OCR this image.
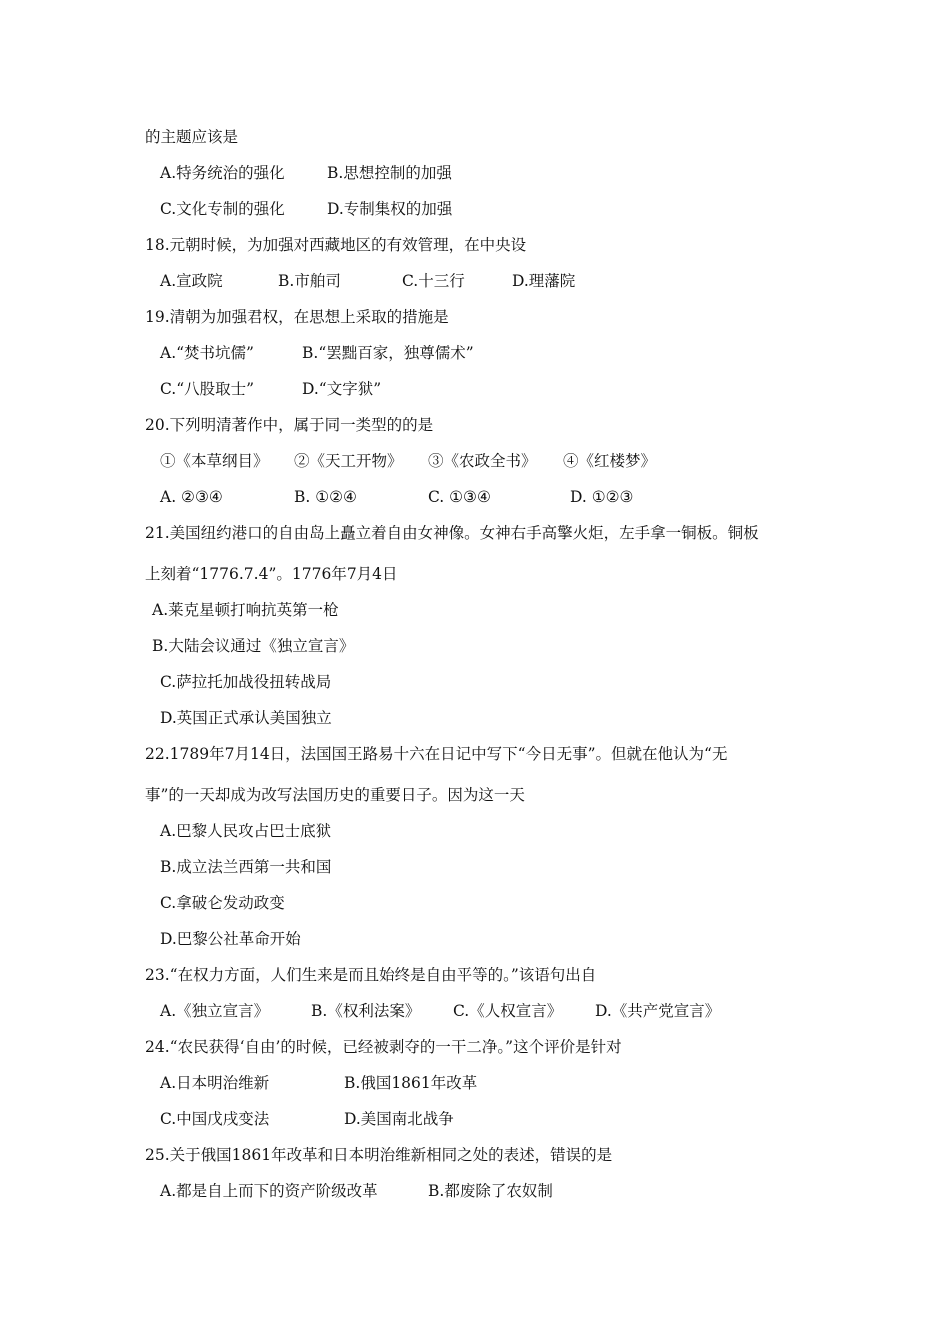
的主题应该是
A.特务统治的强化	B.思想控制的加强
C.文化专制的强化	D.专制集权的加强
18.元朝时候，为加强对西藏地区的有效管理，在中央设
A.宣政院	B.市舶司	C.十三行	D.理藩院
19.清朝为加强君权，在思想上采取的措施是
A.“焚书坑儒”	B.“罢黜百家，独尊儒术”
C.“八股取士”	D.“文字狱”
20.下列明清著作中，属于同一类型的的是
①《本草纲目》 ②《天工开物》 ③《农政全书》 ④《红楼梦》
A. ②③④	B. ①②④	C. ①③④	D. ①②③
21.美国纽约港口的自由岛上矗立着自由女神像。女神右手高擎火炬，左手拿一铜板。铜板
上刻着“1776.7.4”。1776年7月4日
A.莱克星顿打响抗英第一枪
B.大陆会议通过《独立宣言》
C.萨拉托加战役扭转战局
D.英国正式承认美国独立
22.1789年7月14日，法国国王路易十六在日记中写下“今日无事”。但就在他认为“无
事”的一天却成为改写法国历史的重要日子。因为这一天
A.巴黎人民攻占巴士底狱
B.成立法兰西第一共和国
C.拿破仑发动政变
D.巴黎公社革命开始
23.“在权力方面，人们生来是而且始终是自由平等的。”该语句出自
A.《独立宣言》	B.《权利法案》 C.《人权宣言》 D.《共产党宣言》
24.“农民获得‘自由’的时候，已经被剥夺的一干二净。”这个评价是针对
A.日本明治维新	B.俄国1861年改革
C.中国戊戌变法	D.美国南北战争
25.关于俄国1861年改革和日本明治维新相同之处的表述，错误的是
A.都是自上而下的资产阶级改革	B.都废除了农奴制
